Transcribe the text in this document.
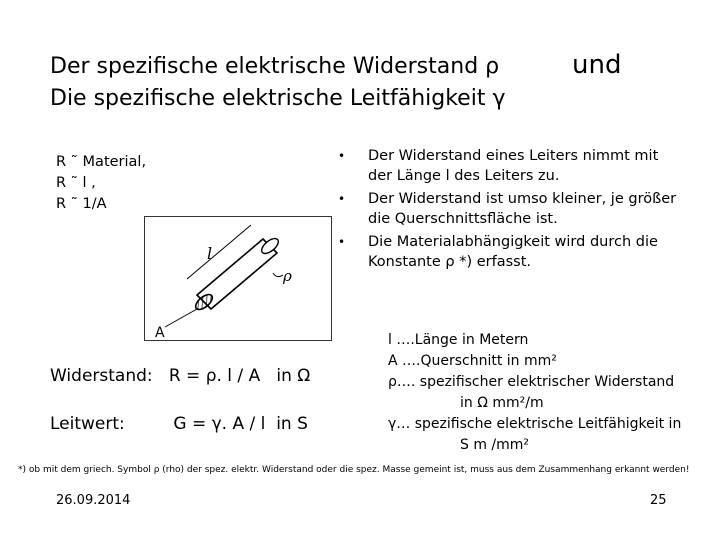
Der spezifische elektrische Widerstand ρ
Die spezifische elektrische Leitfähigkeit γ
und
R ˜ Material,
R ˜ l ,
R ˜ 1/A
• Der Widerstand eines Leiters nimmt mit der Länge l des Leiters zu.
• Der Widerstand ist umso kleiner, je größer die Querschnittsfläche ist.
• Die Materialabhängigkeit wird durch die Konstante ρ *) erfasst.
l
ρ
A
Widerstand:   R = ρ. l / A   in Ω
Leitwert:         G = γ. A / l  in S
l ….Länge in Metern
A ….Querschnitt in mm²
ρ…. spezifischer elektrischer Widerstand
in Ω mm²/m
γ… spezifische elektrische Leitfähigkeit in
S m /mm²
*) ob mit dem griech. Symbol ρ (rho) der spez. elektr. Widerstand oder die spez. Masse gemeint ist, muss aus dem Zusammenhang erkannt werden!
26.09.2014	25
